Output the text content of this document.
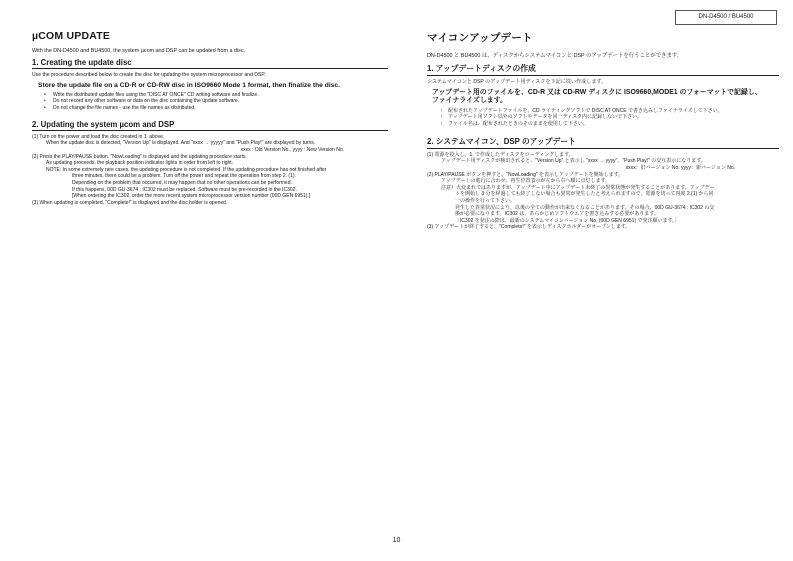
DN-D4500 / BU4500
µCOM UPDATE

With the DN-D4500 and BU4500, the system µcom and DSP can be updated from a disc.

1. Creating the update disc

Use the procedure described below to create the disc for updating the system microprocessor and DSP.

Store the update file on a CD-R or CD-RW disc in ISO9660 Mode 1 format, then finalize the disc.

• Write the distributed update files using the "DISC AT ONCE" CD writing software and finalize.
• Do not record any other software or data on the disc containing the update software.
• Do not change the file names - use the file names as distributed.
2. Updating the system µcom and DSP

(1) Turn on the power and load the disc created in 1. above.

When the update disc is detected, "Version Up" is displayed. And "xxxx → yyyyy" and "Push Play!" are displayed by turns.

xxxx : Old Version No., yyyy : New Version No.

(2) Press the PLAY/PAUSE button. "NowLoading" is displayed and the updating procedure starts.

As updating proceeds, the playback position indicator lights in order from left to right.

NOTE: In some extremely rare cases, the updating procedure is not completed. If the updating procedure has not finished after

three minutes, there could be a problem. Turn off the power and repeat the operation from step 2. (1).

Depending on the problem that occurred, it may happen that no other operations can be performed.

If this happens, 00D GU-3674 : IC302 must be replaced. Software must be pre-recorded in the IC302.

[When ordering the IC302, order the more recent system microprocessor version number (00D GEN 6951).]

(3) When updating is completed, "Complete!" is displayed and the disc holder is opened.

マイコンアップデート

DN-D4500 と BU4500 は、ディスクからシステムマイコンと DSP のアップデートを行うことができます。

1. アップデートディスクの作成

システムマイコンと DSP のアップデート用ディスクを下記に従い作成します。

アップデート用のファイルを、CD-R 又は CD-RW ディスクに ISO9660,MODE1 のフォーマットで記録し、

ファイナライズします。

・ 配布されたアップデートファイルを、CD ライティングソフトで DISC AT ONCE で書き込みしファイナライズして下さい。
・ アップデート用ソフト以外のソフトやデータを同一ディスク内に記録しないで下さい。
・ ファイル名は、配布されたときのそのままを使用して下さい。
2. システムマイコン、DSP のアップデート

(1) 電源を投入し、1. で作成したディスクをローディングします。

アップデート用ディスクが検出されると、"Version Up" と表示し "xxxx → yyyy"、"Push Play!" の交互表示になります。

xxxx：旧バージョン No. yyyy：新バージョン No.

(2) PLAY/PAUSE ボタンを押すと、"NowLoading" を表示しアップデートを開始します。

アップデートの進行に合わせ、再生位置表示が左から右へ順に点灯します。

注意）大変まれではありますが、アップデート中にアップデート未終了の異常状態が発生することがあります。アップデー

トを開始し 3 分を経過しても終了しない場合も異常が発生したと考えられますので、電源を切って再度 2.(1) から同

一の操作を行って下さい。

発生した異常状況により、以後の全ての動作が出来なくなることがあります。その場合、00D GU-3674 : IC302 の交

換が必要になります。IC302 は、あらかじめソフトウエアを書き込みする必要があります。

〔IC302 を発注の際は、最新のシステムマイコンバージョン No. (00D GEN 6951) で発注願います。〕

(3) アップデートが終了すると、"Complete!" を表示しディスクホルダーがオープンします。

10
